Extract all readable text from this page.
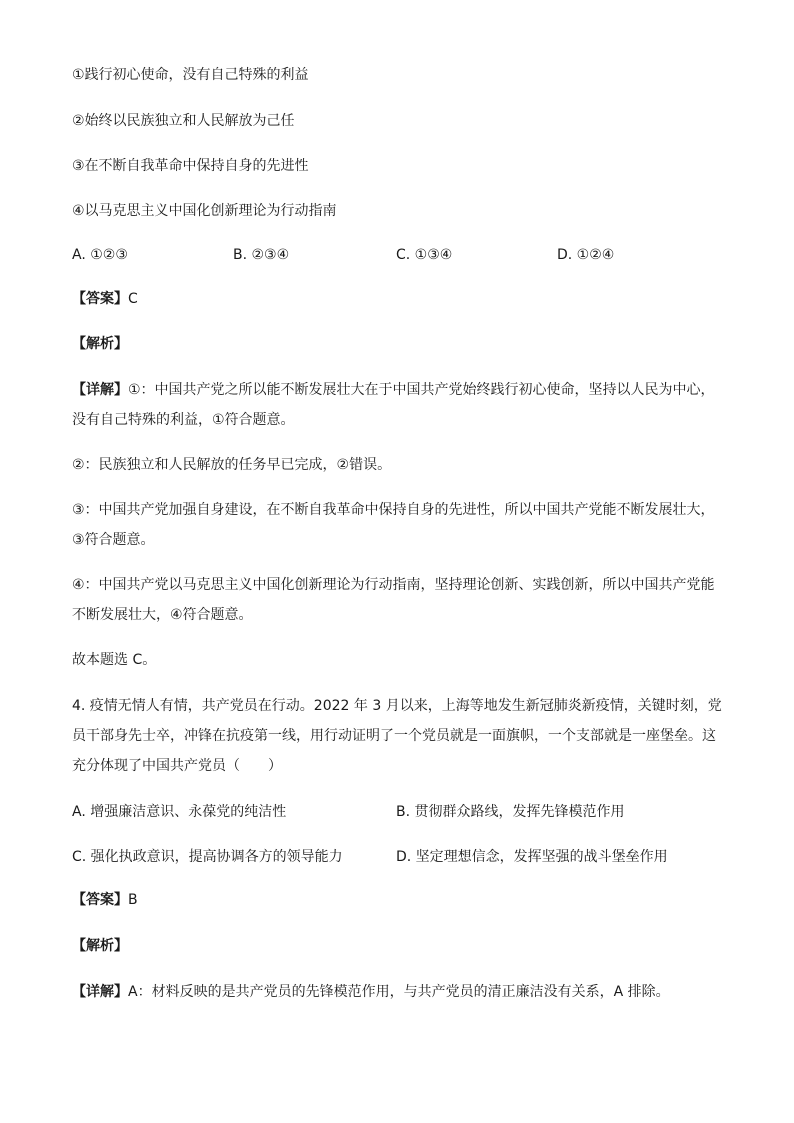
①践行初心使命，没有自己特殊的利益
②始终以民族独立和人民解放为己任
③在不断自我革命中保持自身的先进性
④以马克思主义中国化创新理论为行动指南
A. ①②③	B. ②③④	C. ①③④	D. ①②④
【答案】C
【解析】
【详解】①：中国共产党之所以能不断发展壮大在于中国共产党始终践行初心使命，坚持以人民为中心，
没有自己特殊的利益，①符合题意。
②：民族独立和人民解放的任务早已完成，②错误。
③：中国共产党加强自身建设，在不断自我革命中保持自身的先进性，所以中国共产党能不断发展壮大，
③符合题意。
④：中国共产党以马克思主义中国化创新理论为行动指南，坚持理论创新、实践创新，所以中国共产党能
不断发展壮大，④符合题意。
故本题选 C。
4. 疫情无情人有情，共产党员在行动。2022 年 3 月以来，上海等地发生新冠肺炎新疫情，关键时刻，党
员干部身先士卒，冲锋在抗疫第一线，用行动证明了一个党员就是一面旗帜，一个支部就是一座堡垒。这
充分体现了中国共产党员（　　）
A. 增强廉洁意识、永葆党的纯洁性	B. 贯彻群众路线，发挥先锋模范作用
C. 强化执政意识，提高协调各方的领导能力	D. 坚定理想信念，发挥坚强的战斗堡垒作用
【答案】B
【解析】
【详解】A：材料反映的是共产党员的先锋模范作用，与共产党员的清正廉洁没有关系，A 排除。
